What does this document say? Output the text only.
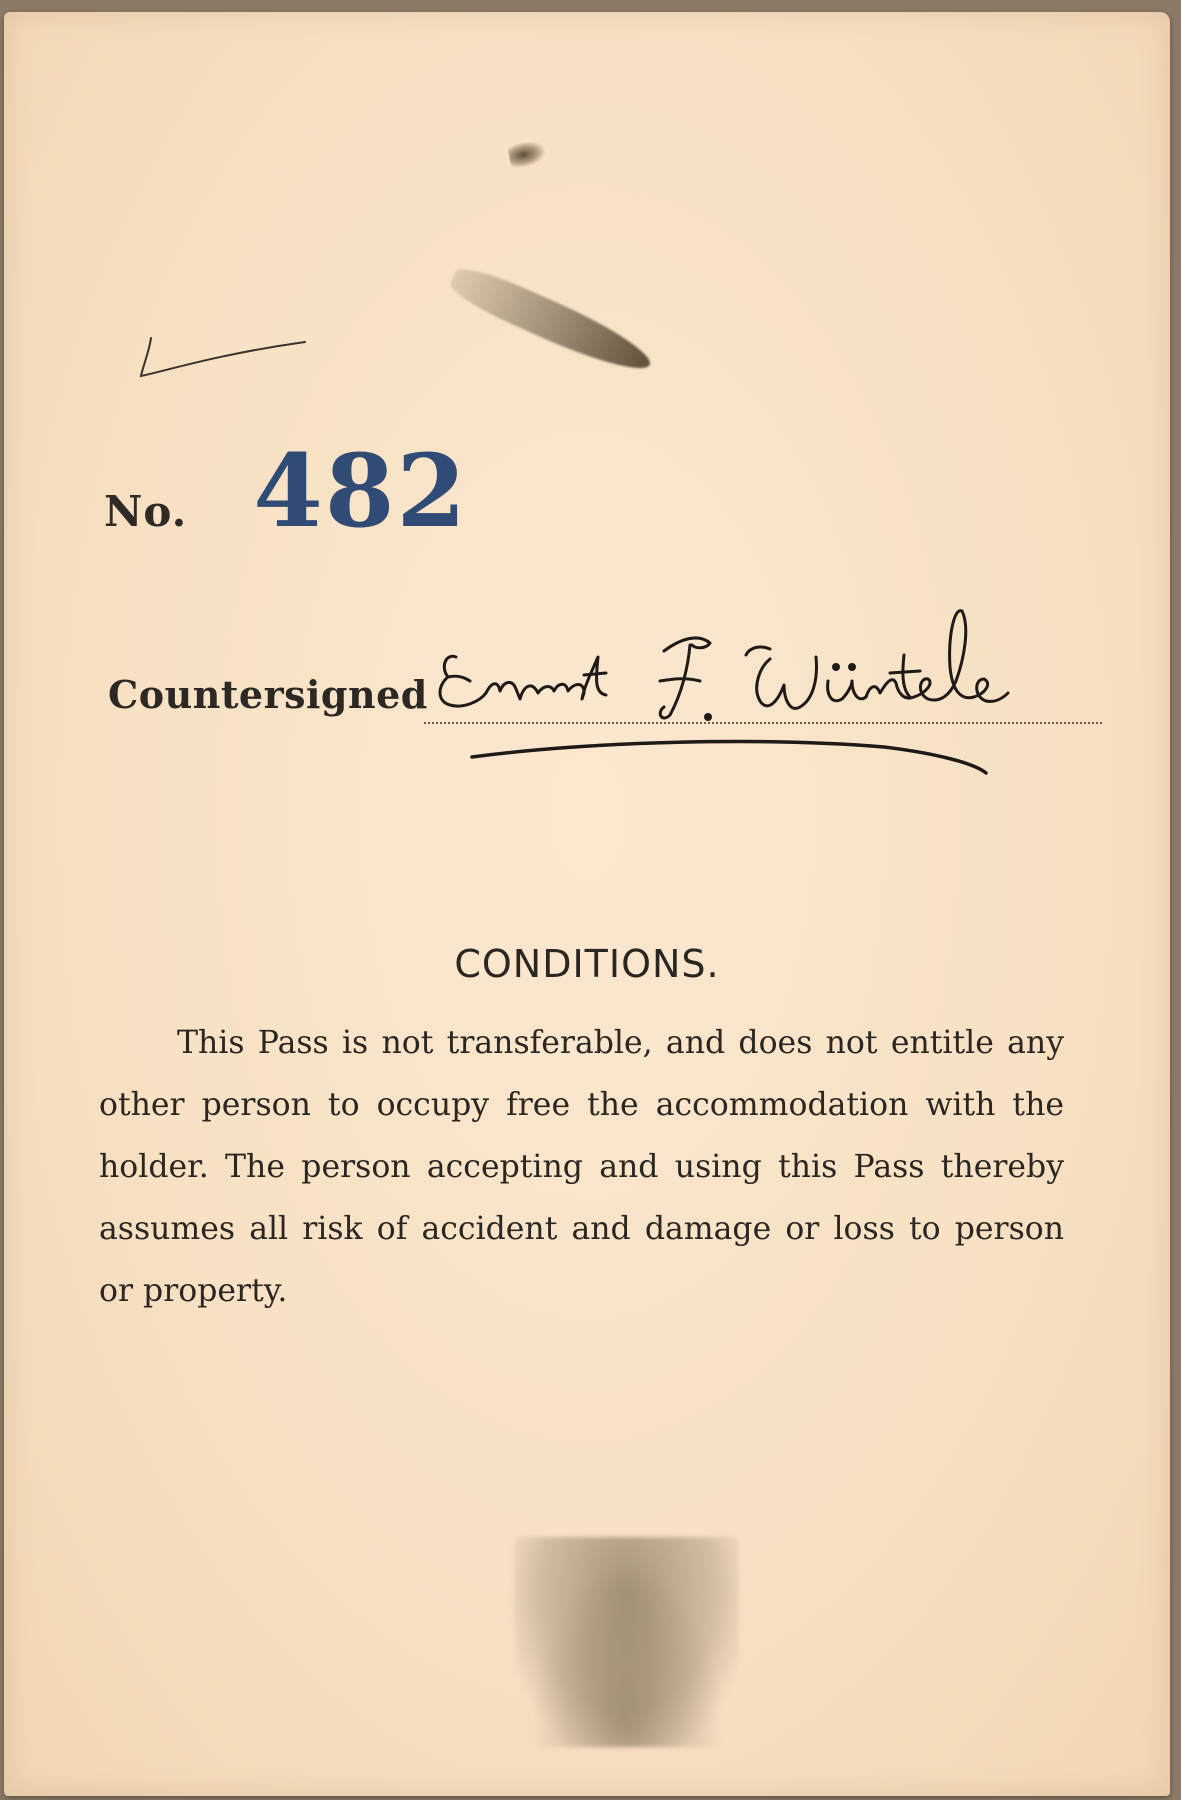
No. 482
Countersigned
CONDITIONS.

This Pass is not transferable, and does not entitle any other person to occupy free the accommodation with the holder. The person accepting and using this Pass thereby assumes all risk of accident and damage or loss to person or property.
